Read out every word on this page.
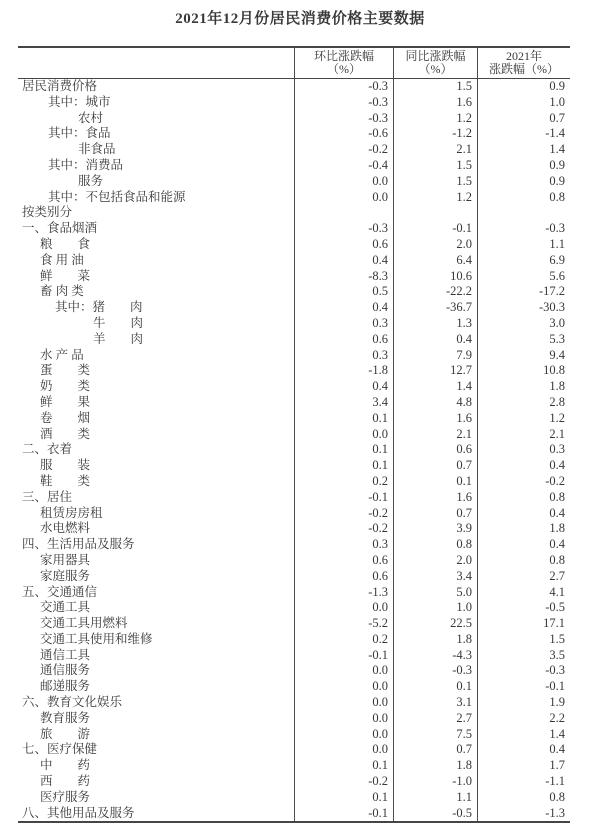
2021年12月份居民消费价格主要数据
环比涨跌幅
（%）
同比涨跌幅
（%）
2021年
涨跌幅（%）
居民消费价格	-0.3	1.5	0.9
其中：城市	-0.3	1.6	1.0
农村	-0.3	1.2	0.7
其中：食品	-0.6	-1.2	-1.4
非食品	-0.2	2.1	1.4
其中：消费品	-0.4	1.5	0.9
服务	0.0	1.5	0.9
其中：不包括食品和能源	0.0	1.2	0.8
按类别分
一、食品烟酒	-0.3	-0.1	-0.3
粮　　食	0.6	2.0	1.1
食 用 油	0.4	6.4	6.9
鲜　　菜	-8.3	10.6	5.6
畜 肉 类	0.5	-22.2	-17.2
其中：猪　　肉	0.4	-36.7	-30.3
牛　　肉	0.3	1.3	3.0
羊　　肉	0.6	0.4	5.3
水 产 品	0.3	7.9	9.4
蛋　　类	-1.8	12.7	10.8
奶　　类	0.4	1.4	1.8
鲜　　果	3.4	4.8	2.8
卷　　烟	0.1	1.6	1.2
酒　　类	0.0	2.1	2.1
二、衣着	0.1	0.6	0.3
服　　装	0.1	0.7	0.4
鞋　　类	0.2	0.1	-0.2
三、居住	-0.1	1.6	0.8
租赁房房租	-0.2	0.7	0.4
水电燃料	-0.2	3.9	1.8
四、生活用品及服务	0.3	0.8	0.4
家用器具	0.6	2.0	0.8
家庭服务	0.6	3.4	2.7
五、交通通信	-1.3	5.0	4.1
交通工具	0.0	1.0	-0.5
交通工具用燃料	-5.2	22.5	17.1
交通工具使用和维修	0.2	1.8	1.5
通信工具	-0.1	-4.3	3.5
通信服务	0.0	-0.3	-0.3
邮递服务	0.0	0.1	-0.1
六、教育文化娱乐	0.0	3.1	1.9
教育服务	0.0	2.7	2.2
旅　　游	0.0	7.5	1.4
七、医疗保健	0.0	0.7	0.4
中　　药	0.1	1.8	1.7
西　　药	-0.2	-1.0	-1.1
医疗服务	0.1	1.1	0.8
八、其他用品及服务	-0.1	-0.5	-1.3
